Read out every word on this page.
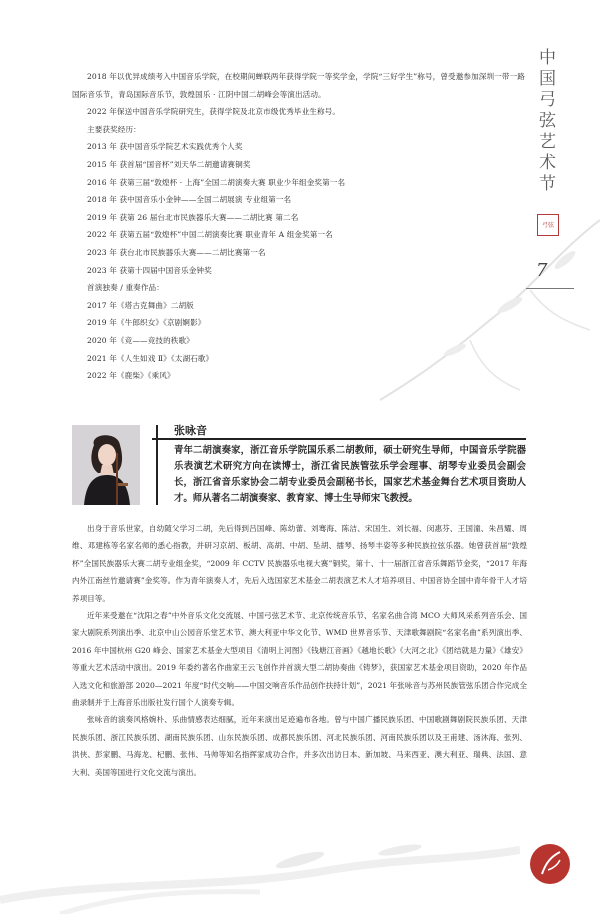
中
国
弓
弦
艺
术
节
弓弦
7

2018 年以优异成绩考入中国音乐学院，在校期间蝉联两年获得学院一等奖学金，学院“三好学生”称号，曾受邀参加深圳一带一路国际音乐节，青岛国际音乐节，敦煌国乐 · 江阴中国二胡峰会等演出活动。

2022 年保送中国音乐学院研究生，获得学院及北京市级优秀毕业生称号。

主要获奖经历：
2013 年 获中国音乐学院艺术实践优秀个人奖
2015 年 获首届“国音杯”刘天华二胡邀请赛铜奖
2016 年 获第三届“敦煌杯 · 上海”全国二胡演奏大赛 职业少年组金奖第一名
2018 年 获中国音乐小金钟——全国二胡展演 专业组第一名
2019 年 获第 26 届台北市民族器乐大赛——二胡比赛 第二名
2022 年 获第五届“敦煌杯”中国二胡演奏比赛 职业青年 A 组金奖第一名
2023 年 获台北市民族器乐大赛——二胡比赛第一名
2023 年 获第十四届中国音乐金钟奖
首演独奏 / 重奏作品：
2017 年《塔古克舞曲》二胡版
2019 年《牛郎织女》《京剧婀影》
2020 年《竞——竞技的秩歌》
2021 年《人生如戏 Ⅱ》《太湖石歌》
2022 年《鹿柴》《乘风》
张咏音
青年二胡演奏家，浙江音乐学院国乐系二胡教师，硕士研究生导师，中国音乐学院器乐表演艺术研究方向在读博士，浙江省民族管弦乐学会理事、胡琴专业委员会副会长，浙江省音乐家协会二胡专业委员会副秘书长，国家艺术基金舞台艺术项目资助人才。师从著名二胡演奏家、教育家、博士生导师宋飞教授。

出身于音乐世家，自幼随父学习二胡，先后得到吕国峰、陈幼蕾、刘骞海、陈洁、宋国生、刘长福、闵惠芬、王国潼、朱昌耀、周维、邓建栋等名家名师的悉心指教，并研习京胡、板胡、高胡、中胡、坠胡、擂琴、扬琴丰姿等多种民族拉弦乐器。她曾获首届“敦煌杯”全国民族器乐大赛二胡专业组金奖，“2009 年 CCTV 民族器乐电视大赛”铜奖，第十、十一届浙江省音乐舞蹈节金奖，“2017 年海内外江南丝竹邀请赛”金奖等。作为青年演奏人才，先后入选国家艺术基金二胡表演艺术人才培养项目、中国音协全国中青年骨干人才培养项目等。

近年来受邀在“沈阳之春”中外音乐文化交流展、中国弓弦艺术节、北京传统音乐节、名家名曲合湾 MCO 大师风采系列音乐会、国家大剧院系列演出季、北京中山公园音乐堂艺术节、澳大利亚中华文化节、WMD 世界音乐节、天津歌舞剧院“名家名曲”系列演出季、2016 年中国杭州 G20 峰会、国家艺术基金大型项目《清明上河图》《钱塘江音画》《越地长歌》《大河之北》《团结就是力量》《雄安》等重大艺术活动中演出。2019 年委约著名作曲家王云飞创作并首演大型二胡协奏曲《铸梦》，获国家艺术基金项目资助，2020 年作品入选文化和旅游部 2020—2021 年度“时代交响——中国交响音乐作品创作扶持计划”，2021 年张咏音与苏州民族管弦乐团合作完成全曲录制并于上海音乐出版社发行国个人演奏专辑。

张咏音的演奏风格婉朴、乐曲情感表达细腻，近年来演出足迹遍布各地。曾与中国广播民族乐团、中国歌剧舞剧院民族乐团、天津民族乐团、浙江民族乐团、湖南民族乐团、山东民族乐团、成都民族乐团、河北民族乐团、河南民族乐团以及王甫建、汤沐海、张列、洪侠、彭家鹏、马海龙、杞鹏、张伟、马帅等知名指挥家成功合作，并多次出访日本、新加坡、马来西亚、澳大利亚、瑞典、法国、意大利、美国等国进行文化交流与演出。
